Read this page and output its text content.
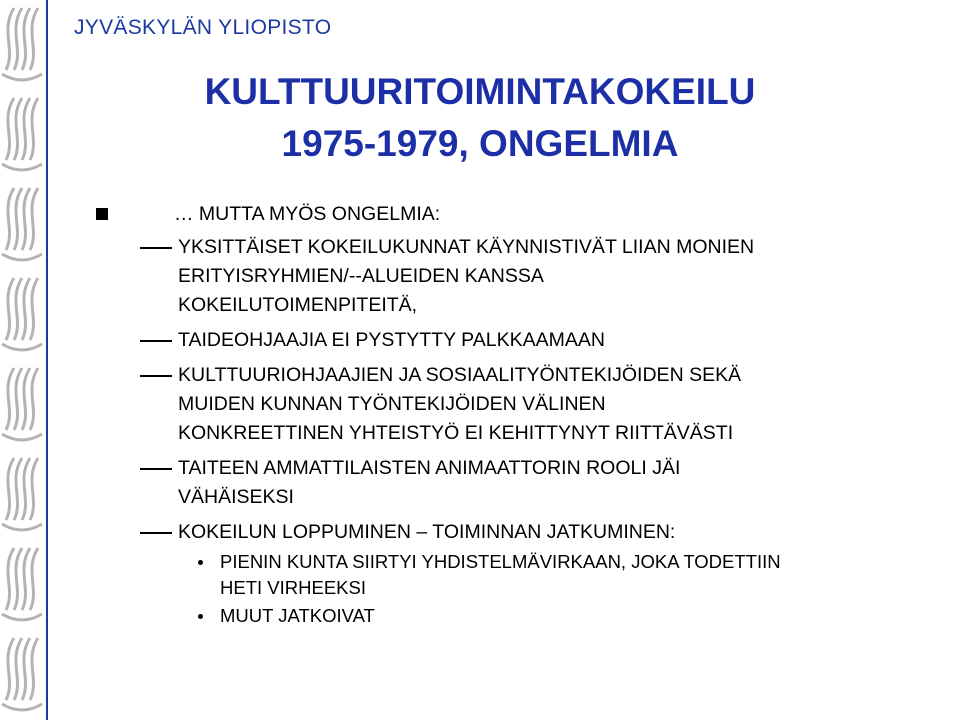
JYVÄSKYLÄN YLIOPISTO
KULTTUURITOIMINTAKOKEILU
1975-1979, ONGELMIA
… MUTTA MYÖS ONGELMIA:
YKSITTÄISET KOKEILUKUNNAT KÄYNNISTIVÄT LIIAN MONIEN
ERITYISRYHMIEN/--ALUEIDEN KANSSA
KOKEILUTOIMENPITEITÄ,
TAIDEOHJAAJIA EI PYSTYTTY PALKKAAMAAN
KULTTUURIOHJAAJIEN JA SOSIAALITYÖNTEKIJÖIDEN SEKÄ
MUIDEN KUNNAN TYÖNTEKIJÖIDEN VÄLINEN
KONKREETTINEN YHTEISTYÖ EI KEHITTYNYT RIITTÄVÄSTI
TAITEEN AMMATTILAISTEN ANIMAATTORIN ROOLI JÄI
VÄHÄISEKSI
KOKEILUN LOPPUMINEN – TOIMINNAN JATKUMINEN:
PIENIN KUNTA SIIRTYI YHDISTELMÄVIRKAAN, JOKA TODETTIIN
HETI VIRHEEKSI
MUUT JATKOIVAT
